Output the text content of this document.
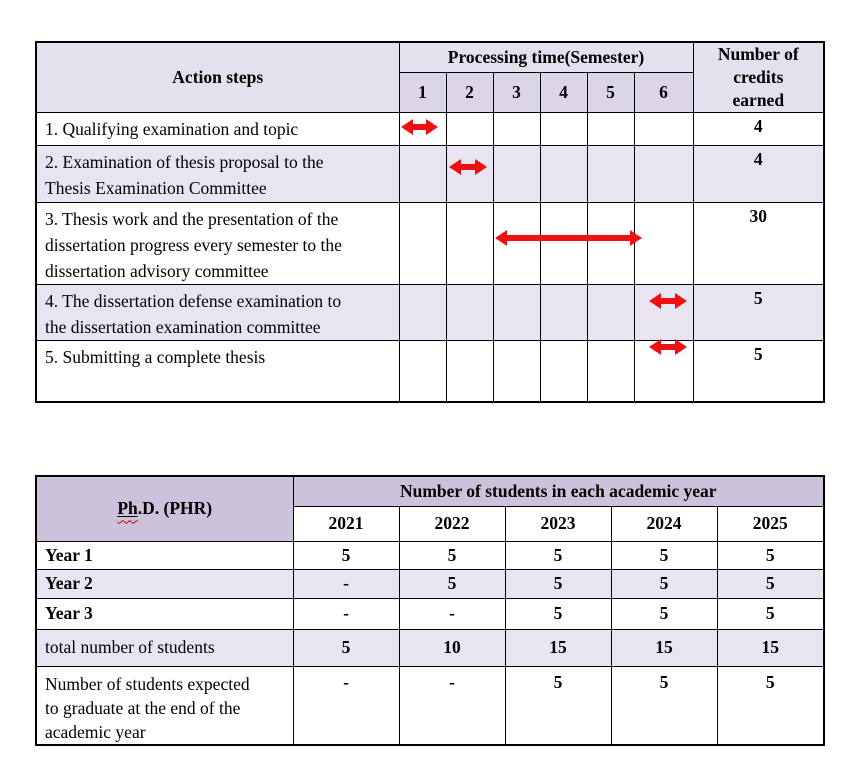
Action steps	Processing time(Semester)						Number of
credits
earned

	1	2	3	4	5	6	

1. Qualifying examination and topic							4

2. Examination of thesis proposal to the
Thesis Examination Committee							4

3. Thesis work and the presentation of the
dissertation progress every semester to the
dissertation advisory committee							30

4. The dissertation defense examination to
the dissertation examination committee							5

5. Submitting a complete thesis							5
Ph.D. (PHR)	Number of students in each academic year				
	2021	2022	2023	2024	2025
Year 1	5	5	5	5	5
Year 2	-	5	5	5	5
Year 3	-	-	5	5	5
total number of students	5	10	15	15	15

Number of students expected
to graduate at the end of the
academic year	-	-	5	5	5
